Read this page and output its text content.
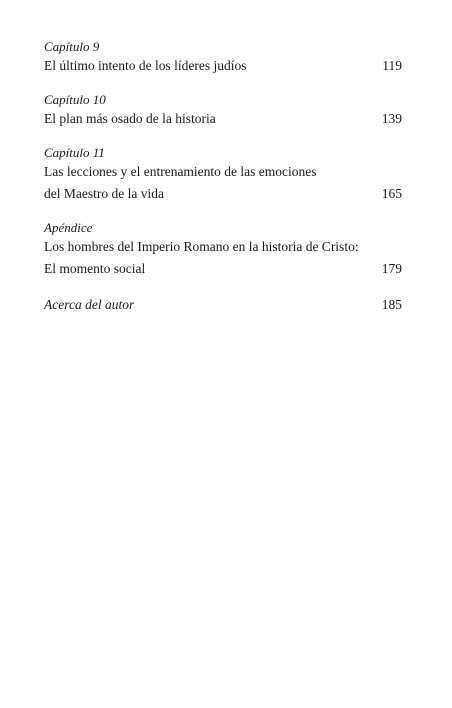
Capítulo 9
El último intento de los líderes judíos	119
Capítulo 10
El plan más osado de la historia	139
Capítulo 11
Las lecciones y el entrenamiento de las emociones
del Maestro de la vida	165
Apéndice
Los hombres del Imperio Romano en la historia de Cristo:
El momento social	179
Acerca del autor	185
